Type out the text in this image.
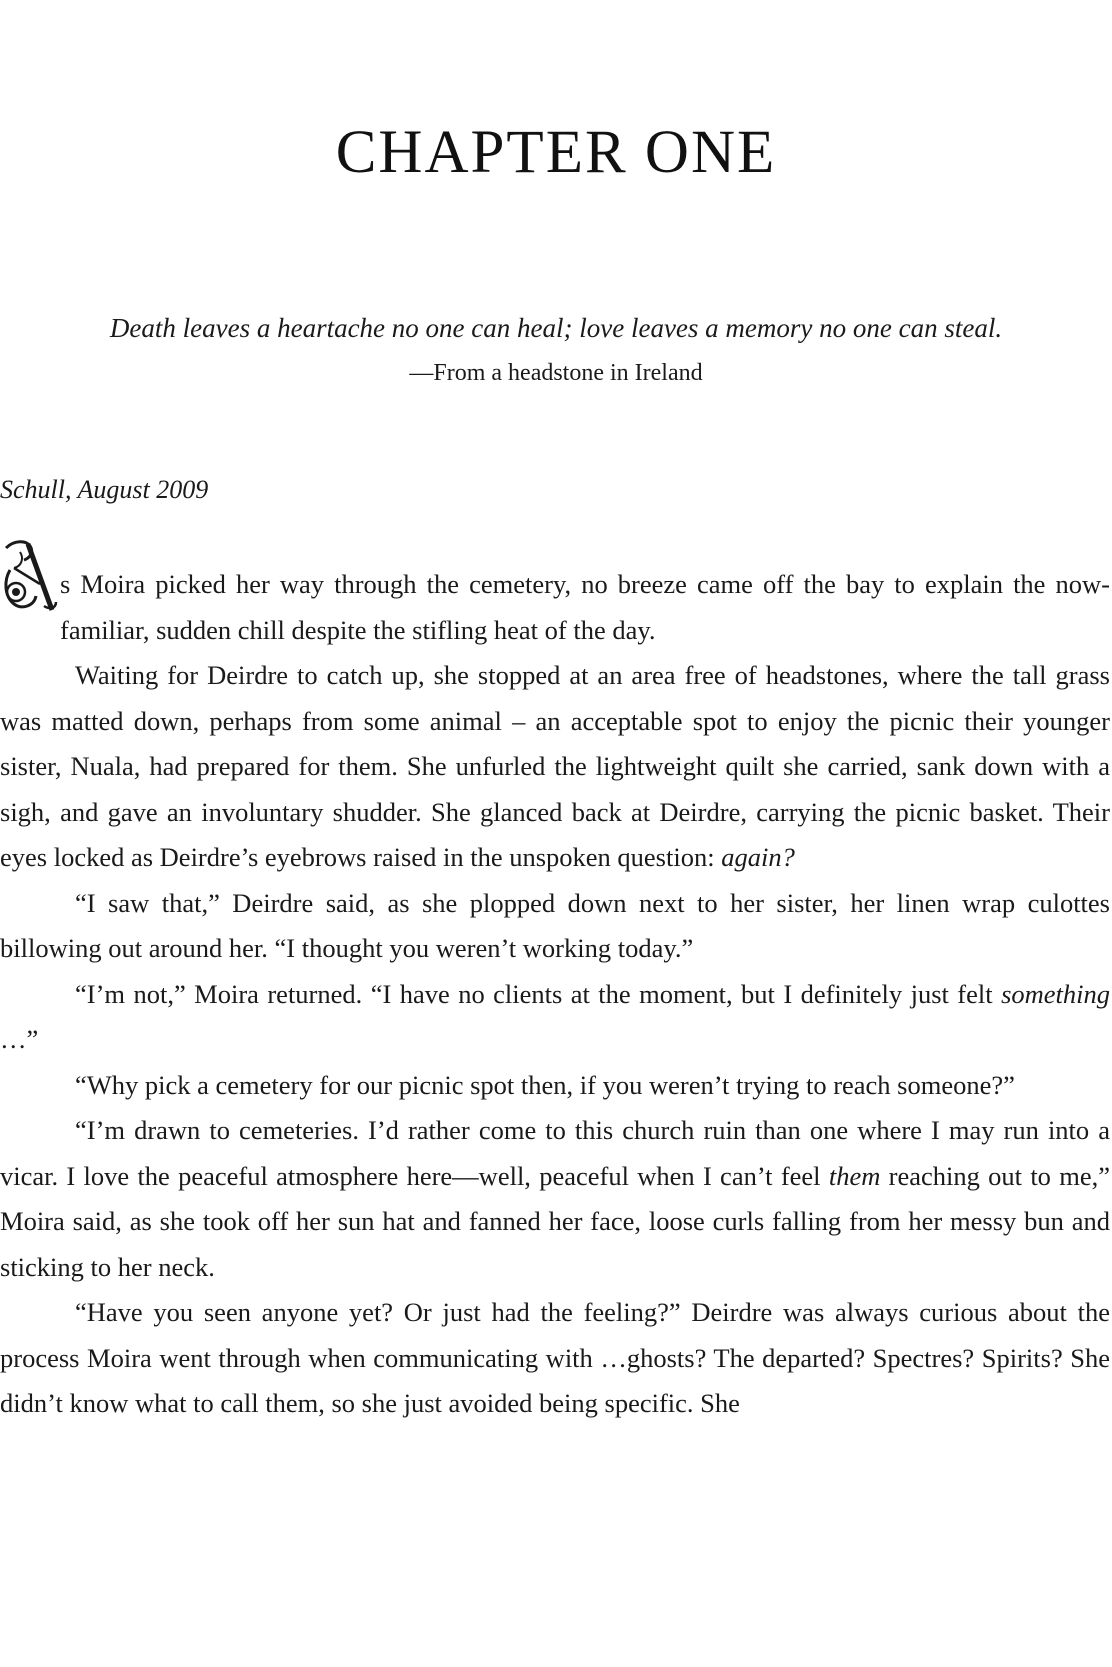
CHAPTER ONE

Death leaves a heartache no one can heal; love leaves a memory no one can steal.

—From a headstone in Ireland

Schull, August 2009

s Moira picked her way through the cemetery, no breeze came off the bay to explain the now-familiar, sudden chill despite the stifling heat of the day.

Waiting for Deirdre to catch up, she stopped at an area free of headstones, where the tall grass was matted down, perhaps from some animal – an acceptable spot to enjoy the picnic their younger sister, Nuala, had prepared for them. She unfurled the lightweight quilt she carried, sank down with a sigh, and gave an involuntary shudder. She glanced back at Deirdre, carrying the picnic basket. Their eyes locked as Deirdre’s eyebrows raised in the unspoken question: again?

“I saw that,” Deirdre said, as she plopped down next to her sister, her linen wrap culottes billowing out around her. “I thought you weren’t working today.”

“I’m not,” Moira returned. “I have no clients at the moment, but I definitely just felt something …”

“Why pick a cemetery for our picnic spot then, if you weren’t trying to reach someone?”

“I’m drawn to cemeteries. I’d rather come to this church ruin than one where I may run into a vicar. I love the peaceful atmosphere here—well, peaceful when I can’t feel them reaching out to me,” Moira said, as she took off her sun hat and fanned her face, loose curls falling from her messy bun and sticking to her neck.

“Have you seen anyone yet? Or just had the feeling?” Deirdre was always curious about the process Moira went through when communicating with …ghosts? The departed? Spectres? Spirits? She didn’t know what to call them, so she just avoided being specific. She
